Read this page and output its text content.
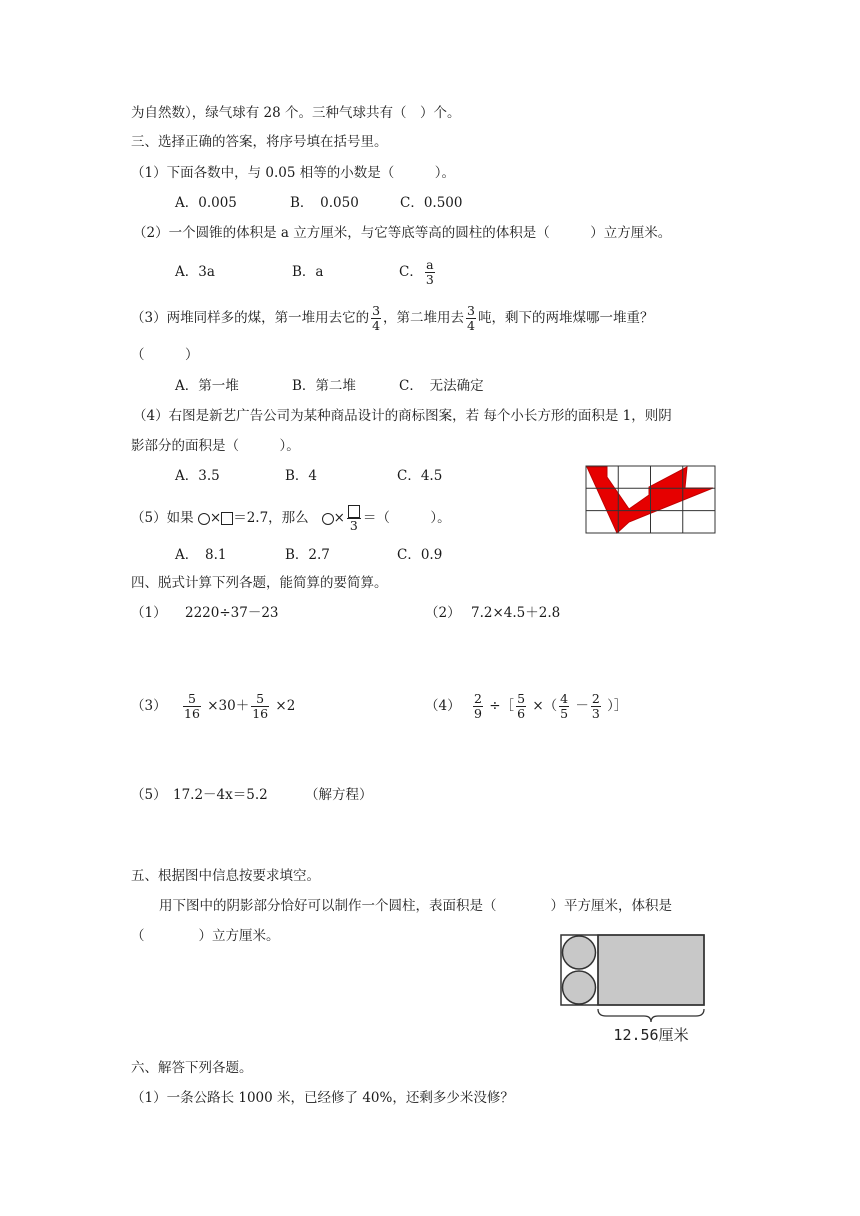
为自然数），绿气球有 28 个。三种气球共有（　）个。
三、选择正确的答案，将序号填在括号里。
（1）下面各数中，与 0.05 相等的小数是（　　　）。
A．0.005	B．　0.050	C．0.500
（2）一个圆锥的体积是 a 立方厘米，与它等底等高的圆柱的体积是（　　　）立方厘米。
A．3a	B．a	C． $\frac{a}{3}$
（3）两堆同样多的煤，第一堆用去它的 $\frac{3}{4}$ ，第二堆用去 $\frac{3}{4}$ 吨，剩下的两堆煤哪一堆重？
（　　　）
A．第一堆	B．第二堆	C．　无法确定
（4）右图是新艺广告公司为某种商品设计的商标图案，若 每个小长方形的面积是 1，则阴
影部分的面积是（　　　）。
A．3.5	B．4	C．4.5
（5）如果 × ＝2.7，那么 × 3 ＝（　　　）。
A．　8.1	B．2.7	C．0.9
四、脱式计算下列各题，能简算的要简算。
（1） 2220÷37－23	（2） 7.2×4.5＋2.8
$(3) \frac{5}{16} \times 30+ \frac{5}{16} \times 2$	$(4) \frac{2}{9}$ ÷［ $\frac{5}{6}$ ×（ $\frac{4}{5} - \frac{2}{3}$ ）］
（5） 17.2－4x＝5.2	（解方程）
五、根据图中信息按要求填空。
用下图中的阴影部分恰好可以制作一个圆柱，表面积是（　　　　）平方厘米，体积是
（　　　　）立方厘米。
12.56厘米
六、解答下列各题。
（1）一条公路长 1000 米，已经修了 40%，还剩多少米没修？
